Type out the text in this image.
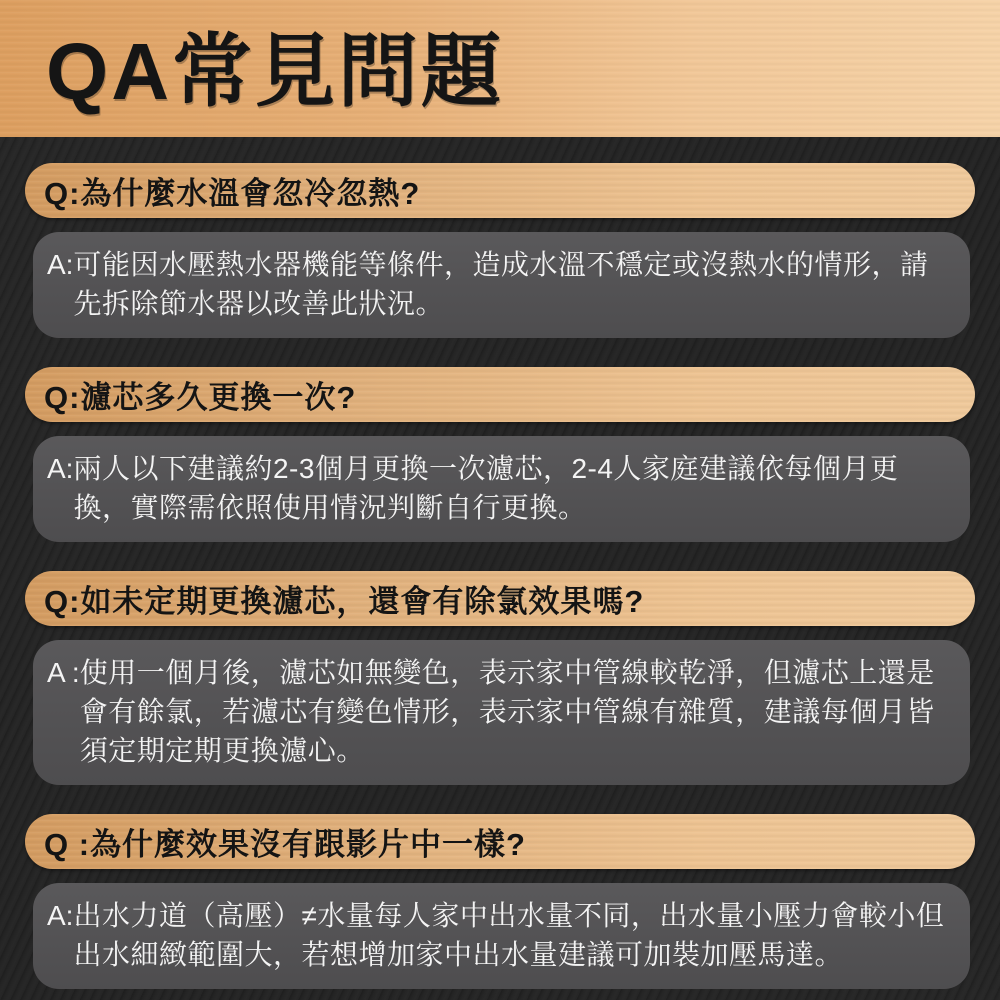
QA常見問題
Q:為什麼水溫會忽冷忽熱?
A: 可能因水壓熱水器機能等條件，造成水溫不穩定或沒熱水的情形，請先拆除節水器以改善此狀況。
Q:濾芯多久更換一次?
A: 兩人以下建議約2-3個月更換一次濾芯，2-4人家庭建議依每個月更換，實際需依照使用情況判斷自行更換。
Q:如未定期更換濾芯，還會有除氯效果嗎?
A : 使用一個月後，濾芯如無變色，表示家中管線較乾淨，但濾芯上還是會有餘氯，若濾芯有變色情形，表示家中管線有雜質，建議每個月皆須定期定期更換濾心。
Q :為什麼效果沒有跟影片中一樣?
A: 出水力道（高壓）≠水量每人家中出水量不同，出水量小壓力會較小但出水細緻範圍大，若想增加家中出水量建議可加裝加壓馬達。
